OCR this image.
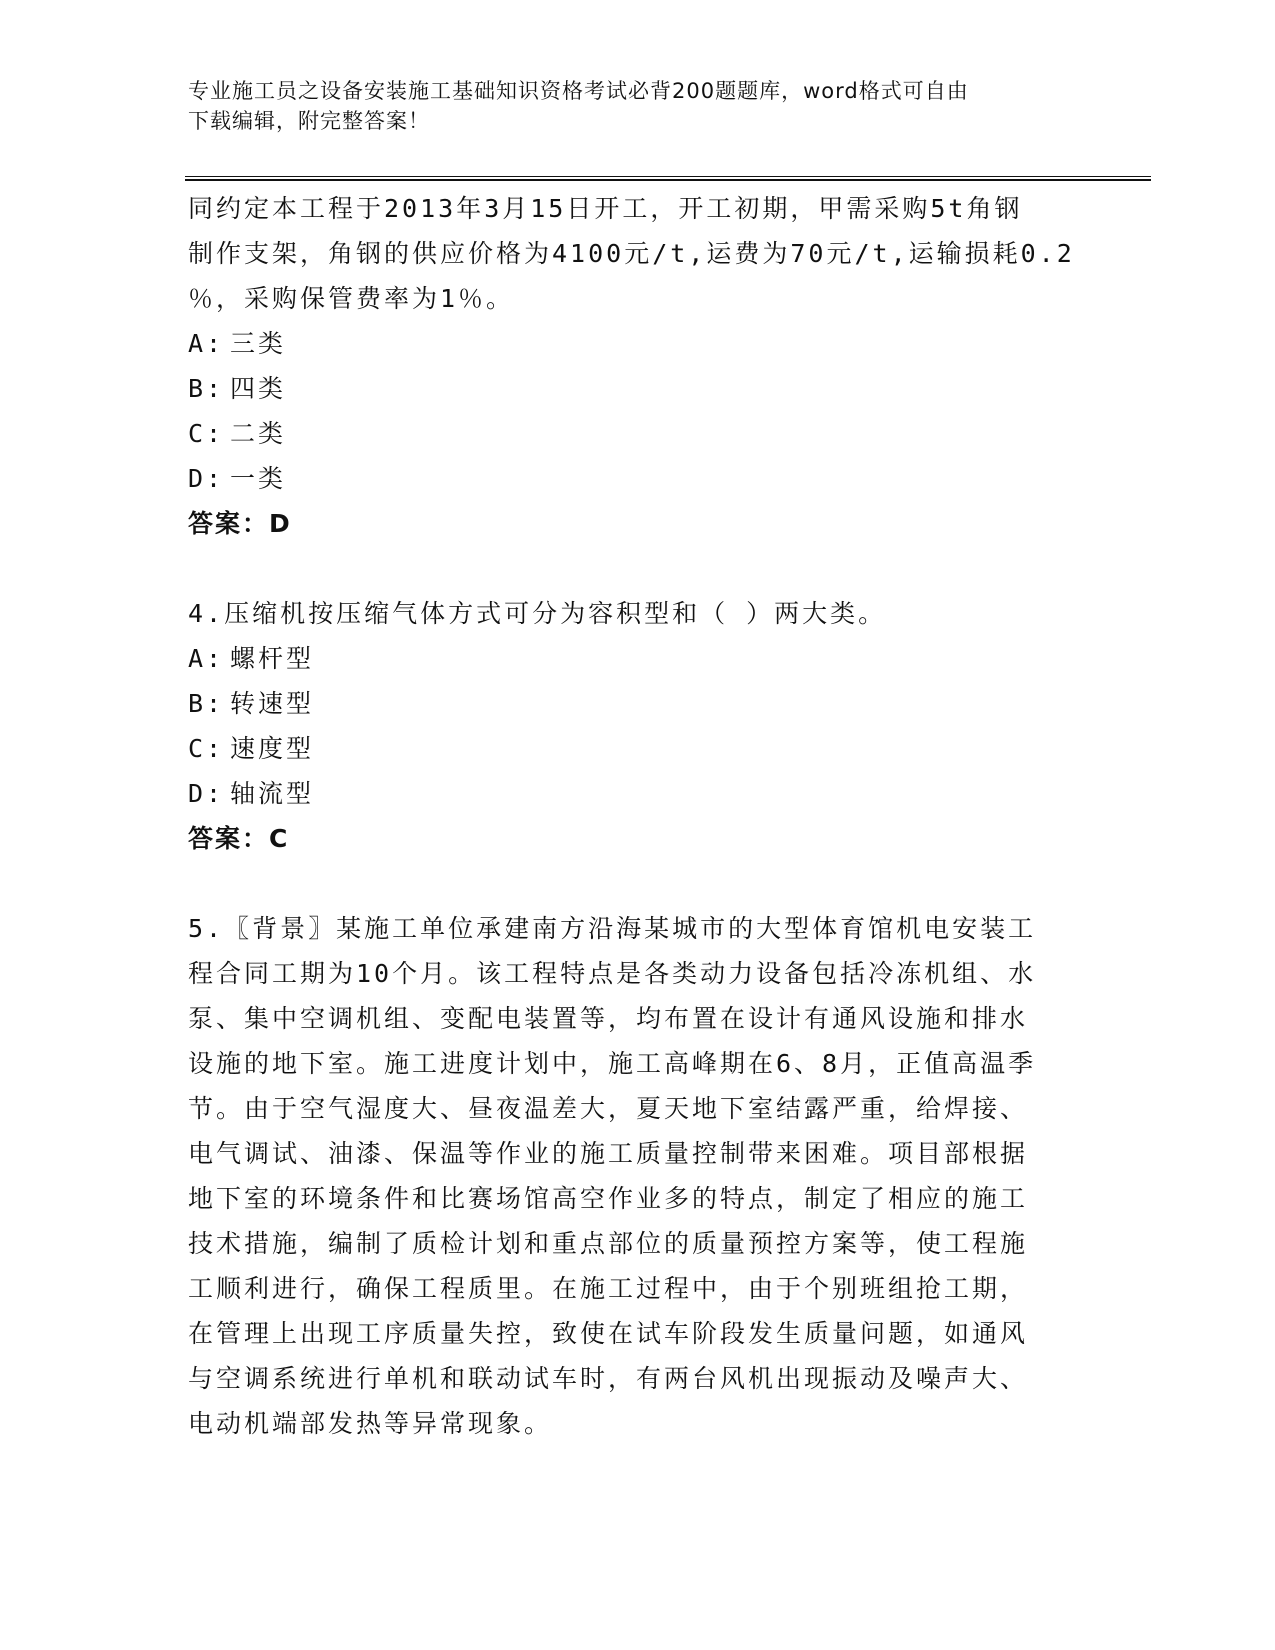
专业施工员之设备安装施工基础知识资格考试必背200题题库，word格式可自由
下载编辑，附完整答案！

同约定本工程于2013年3月15日开工，开工初期，甲需采购5t角钢

制作支架，角钢的供应价格为4100元/t,运费为70元/t,运输损耗0.2

％，采购保管费率为1％。

A: 三类

B: 四类

C: 二类

D: 一类

答案：D

4.压缩机按压缩气体方式可分为容积型和（ ）两大类。

A: 螺杆型

B: 转速型

C: 速度型

D: 轴流型

答案：C

5.〖背景〗某施工单位承建南方沿海某城市的大型体育馆机电安装工

程合同工期为10个月。该工程特点是各类动力设备包括冷冻机组、水

泵、集中空调机组、变配电装置等，均布置在设计有通风设施和排水

设施的地下室。施工进度计划中，施工高峰期在6、8月，正值高温季

节。由于空气湿度大、昼夜温差大，夏天地下室结露严重，给焊接、

电气调试、油漆、保温等作业的施工质量控制带来困难。项目部根据

地下室的环境条件和比赛场馆高空作业多的特点，制定了相应的施工

技术措施，编制了质检计划和重点部位的质量预控方案等，使工程施

工顺利进行，确保工程质里。在施工过程中，由于个别班组抢工期，

在管理上出现工序质量失控，致使在试车阶段发生质量问题，如通风

与空调系统进行单机和联动试车时，有两台风机出现振动及噪声大、

电动机端部发热等异常现象。
